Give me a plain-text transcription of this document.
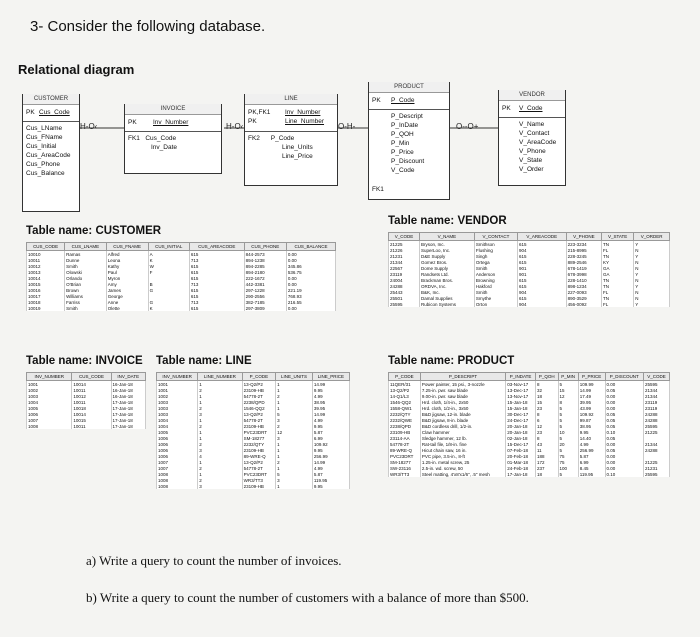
3- Consider the following database.
Relational diagram
CUSTOMER
PK Cus_Code
Cus_LName
Cus_FName
Cus_Initial
Cus_AreaCode
Cus_Phone
Cus_Balance
H-O‹
INVOICE
PK	Inv_Number
FK1 Cus_Code
Inv_Date
H-O‹
LINE
PK,FK1
PK
Inv_Number
Line_Number
FK2 P_Code
Line_Units
Line_Price
O-H-
PRODUCT
PK P_Code
P_Descript
P_InDate
P_QOH
P_Min
P_Price
P_Discount
V_Code
FK1
O--O+
VENDOR
PK V_Code
V_Name
V_Contact
V_AreaCode
V_Phone
V_State
V_Order
Table name: CUSTOMER
Table name: VENDOR
Table name: INVOICE Table name: LINE	Table name: PRODUCT
CUS_CODE	CUS_LNAME	CUS_FNAME	CUS_INITIAL	CUS_AREACODE	CUS_PHONE	CUS_BALANCE
10010	Ramas	Alfred	A	615	844-2573	0.00
10011	Dunne	Leona	K	713	894-1238	0.00
10012	Smith	Kathy	W	615	894-2285	345.86
10013	Olowski	Paul	F	615	894-2180	536.75
10014	Orlando	Myron		615	222-1672	0.00
10015	O'Brian	Amy	B	713	442-3381	0.00
10016	Brown	James	G	615	297-1228	221.19
10017	Williams	George		615	290-2556	768.93
10018	Farriss	Anne	G	713	382-7185	216.55
10019	Smith	Olette	K	615	297-3809	0.00
V_CODE	V_NAME	V_CONTACT	V_AREACODE	V_PHONE	V_STATE	V_ORDER
21225	Bryson, Inc.	Smithson	615	223-3234	TN	Y
21226	SuperLoo, Inc.	Flushing	904	215-8995	FL	N
21231	D&E Supply	Singh	615	228-3245	TN	Y
21344	Gomez Bros.	Ortega	615	889-2546	KY	N
22567	Dome Supply	Smith	901	678-1419	GA	N
23119	Randsets Ltd.	Anderson	901	678-3998	GA	Y
24004	Brackman Bros.	Browning	615	228-1410	TN	N
24288	ORDVA, Inc.	Hakford	615	898-1234	TN	Y
25443	B&K, Inc.	Smith	904	227-0093	FL	N
25501	Damal Supplies	Smythe	615	890-3529	TN	N
25595	Rubicon Systems	Orton	904	456-0092	FL	Y
INV_NUMBER	CUS_CODE	INV_DATE
1001	10014	16-Jan-18
1002	10011	16-Jan-18
1003	10012	16-Jan-18
1004	10011	17-Jan-18
1005	10018	17-Jan-18
1006	10014	17-Jan-18
1007	10015	17-Jan-18
1008	10011	17-Jan-18
INV_NUMBER	LINE_NUMBER	P_CODE	LINE_UNITS	LINE_PRICE
1001	1	13-Q2/P2	1	14.99
1001	2	23109-HB	1	9.95
1002	1	54778-2T	2	4.99
1003	1	2238/QPD	1	38.95
1003	2	1546-QQ2	1	39.95
1003	3	13-Q2/P2	5	14.99
1004	1	54778-2T	3	4.99
1004	2	23109-HB	2	9.95
1005	1	PVC23DRT	12	5.87
1006	1	SM-18277	3	6.99
1006	2	2232/QTY	1	109.92
1006	3	23109-HB	1	9.95
1006	4	89-WRE-Q	1	256.99
1007	1	13-Q2/P2	2	14.99
1007	2	54778-2T	1	4.99
1008	1	PVC23DRT	5	5.87
1008	2	WR3/TT3	3	119.95
1008	3	23109-HB	1	9.95
P_CODE	P_DESCRIPT	P_INDATE	P_QOH	P_MIN	P_PRICE	P_DISCOUNT	V_CODE
11QER/31	Power painter, 15 psi., 3-nozzle	03-Nov-17	8	5	109.99	0.00	25595
13-Q2/P2	7.25-in. pwr. saw blade	13-Dec-17	32	15	14.99	0.05	21344
14-Q1/L3	9.00-in. pwr. saw blade	13-Nov-17	18	12	17.49	0.00	21344
1546-QQ2	Hrd. cloth, 1/4-in., 2x50	15-Jan-18	15	8	39.95	0.00	23119
1558-QW1	Hrd. cloth, 1/2-in., 3x50	15-Jan-18	23	5	43.99	0.00	23119
2232/QTY	B&D jigsaw, 12-in. blade	30-Dec-17	8	5	109.92	0.05	24288
2232/QWE	B&D jigsaw, 8-in. blade	24-Dec-17	6	5	99.87	0.05	24288
2238/QPD	B&D cordless drill, 1/2-in.	20-Jan-18	12	5	38.95	0.05	25595
23109-HB	Claw hammer	20-Jan-18	23	10	9.95	0.10	21225
23114-AA	Sledge hammer, 12 lb.	02-Jan-18	8	5	14.40	0.05	
54778-2T	Rat-tail file, 1/8-in. fine	15-Dec-17	43	20	4.99	0.00	21344
89-WRE-Q	Hicut chain saw, 16 in.	07-Feb-18	11	5	256.99	0.05	24288
PVC23DRT	PVC pipe, 3.5-in., 8-ft	20-Feb-18	188	75	5.87	0.00	
SM-18277	1.25-in. metal screw, 25	01-Mar-18	172	75	6.99	0.00	21225
SW-23116	2.5-in. wd. screw, 50	24-Feb-18	237	100	8.45	0.00	21231
WR3/TT3	Steel matting, 4'x8'x1/6", .5" mesh	17-Jan-18	18	5	119.95	0.10	25595
a) Write a query to count the number of invoices.
b) Write a query to count the number of customers with a balance of more than $500.
